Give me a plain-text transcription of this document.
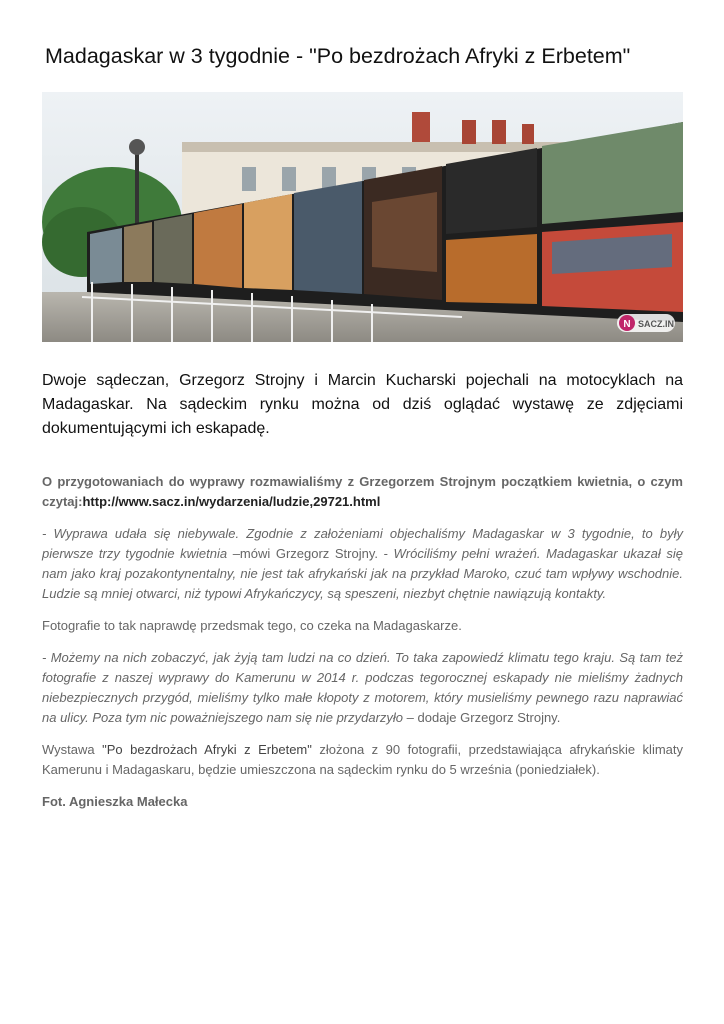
Madagaskar w 3 tygodnie - "Po bezdrożach Afryki z Erbetem"
N SACZ.IN
Dwoje sądeczan, Grzegorz Strojny i Marcin Kucharski pojechali na motocyklach na Madagaskar. Na sądeckim rynku można od dziś oglądać wystawę ze zdjęciami dokumentującymi ich eskapadę.

O przygotowaniach do wyprawy rozmawialiśmy z Grzegorzem Strojnym początkiem kwietnia, o czym czytaj:http://www.sacz.in/wydarzenia/ludzie,29721.html

- Wyprawa udała się niebywale. Zgodnie z założeniami objechaliśmy Madagaskar w 3 tygodnie, to były pierwsze trzy tygodnie kwietnia –mówi Grzegorz Strojny. - Wróciliśmy pełni wrażeń. Madagaskar ukazał się nam jako kraj pozakontynentalny, nie jest tak afrykański jak na przykład Maroko, czuć tam wpływy wschodnie. Ludzie są mniej otwarci, niż typowi Afrykańczycy, są speszeni, niezbyt chętnie nawiązują kontakty.

Fotografie to tak naprawdę przedsmak tego, co czeka na Madagaskarze.

- Możemy na nich zobaczyć, jak żyją tam ludzi na co dzień. To taka zapowiedź klimatu tego kraju. Są tam też fotografie z naszej wyprawy do Kamerunu w 2014 r. podczas tegorocznej eskapady nie mieliśmy żadnych niebezpiecznych przygód, mieliśmy tylko małe kłopoty z motorem, który musieliśmy pewnego razu naprawiać na ulicy. Poza tym nic poważniejszego nam się nie przydarzyło – dodaje Grzegorz Strojny.

Wystawa "Po bezdrożach Afryki z Erbetem" złożona z 90 fotografii, przedstawiająca afrykańskie klimaty Kamerunu i Madagaskaru, będzie umieszczona na sądeckim rynku do 5 września (poniedziałek).

Fot. Agnieszka Małecka
